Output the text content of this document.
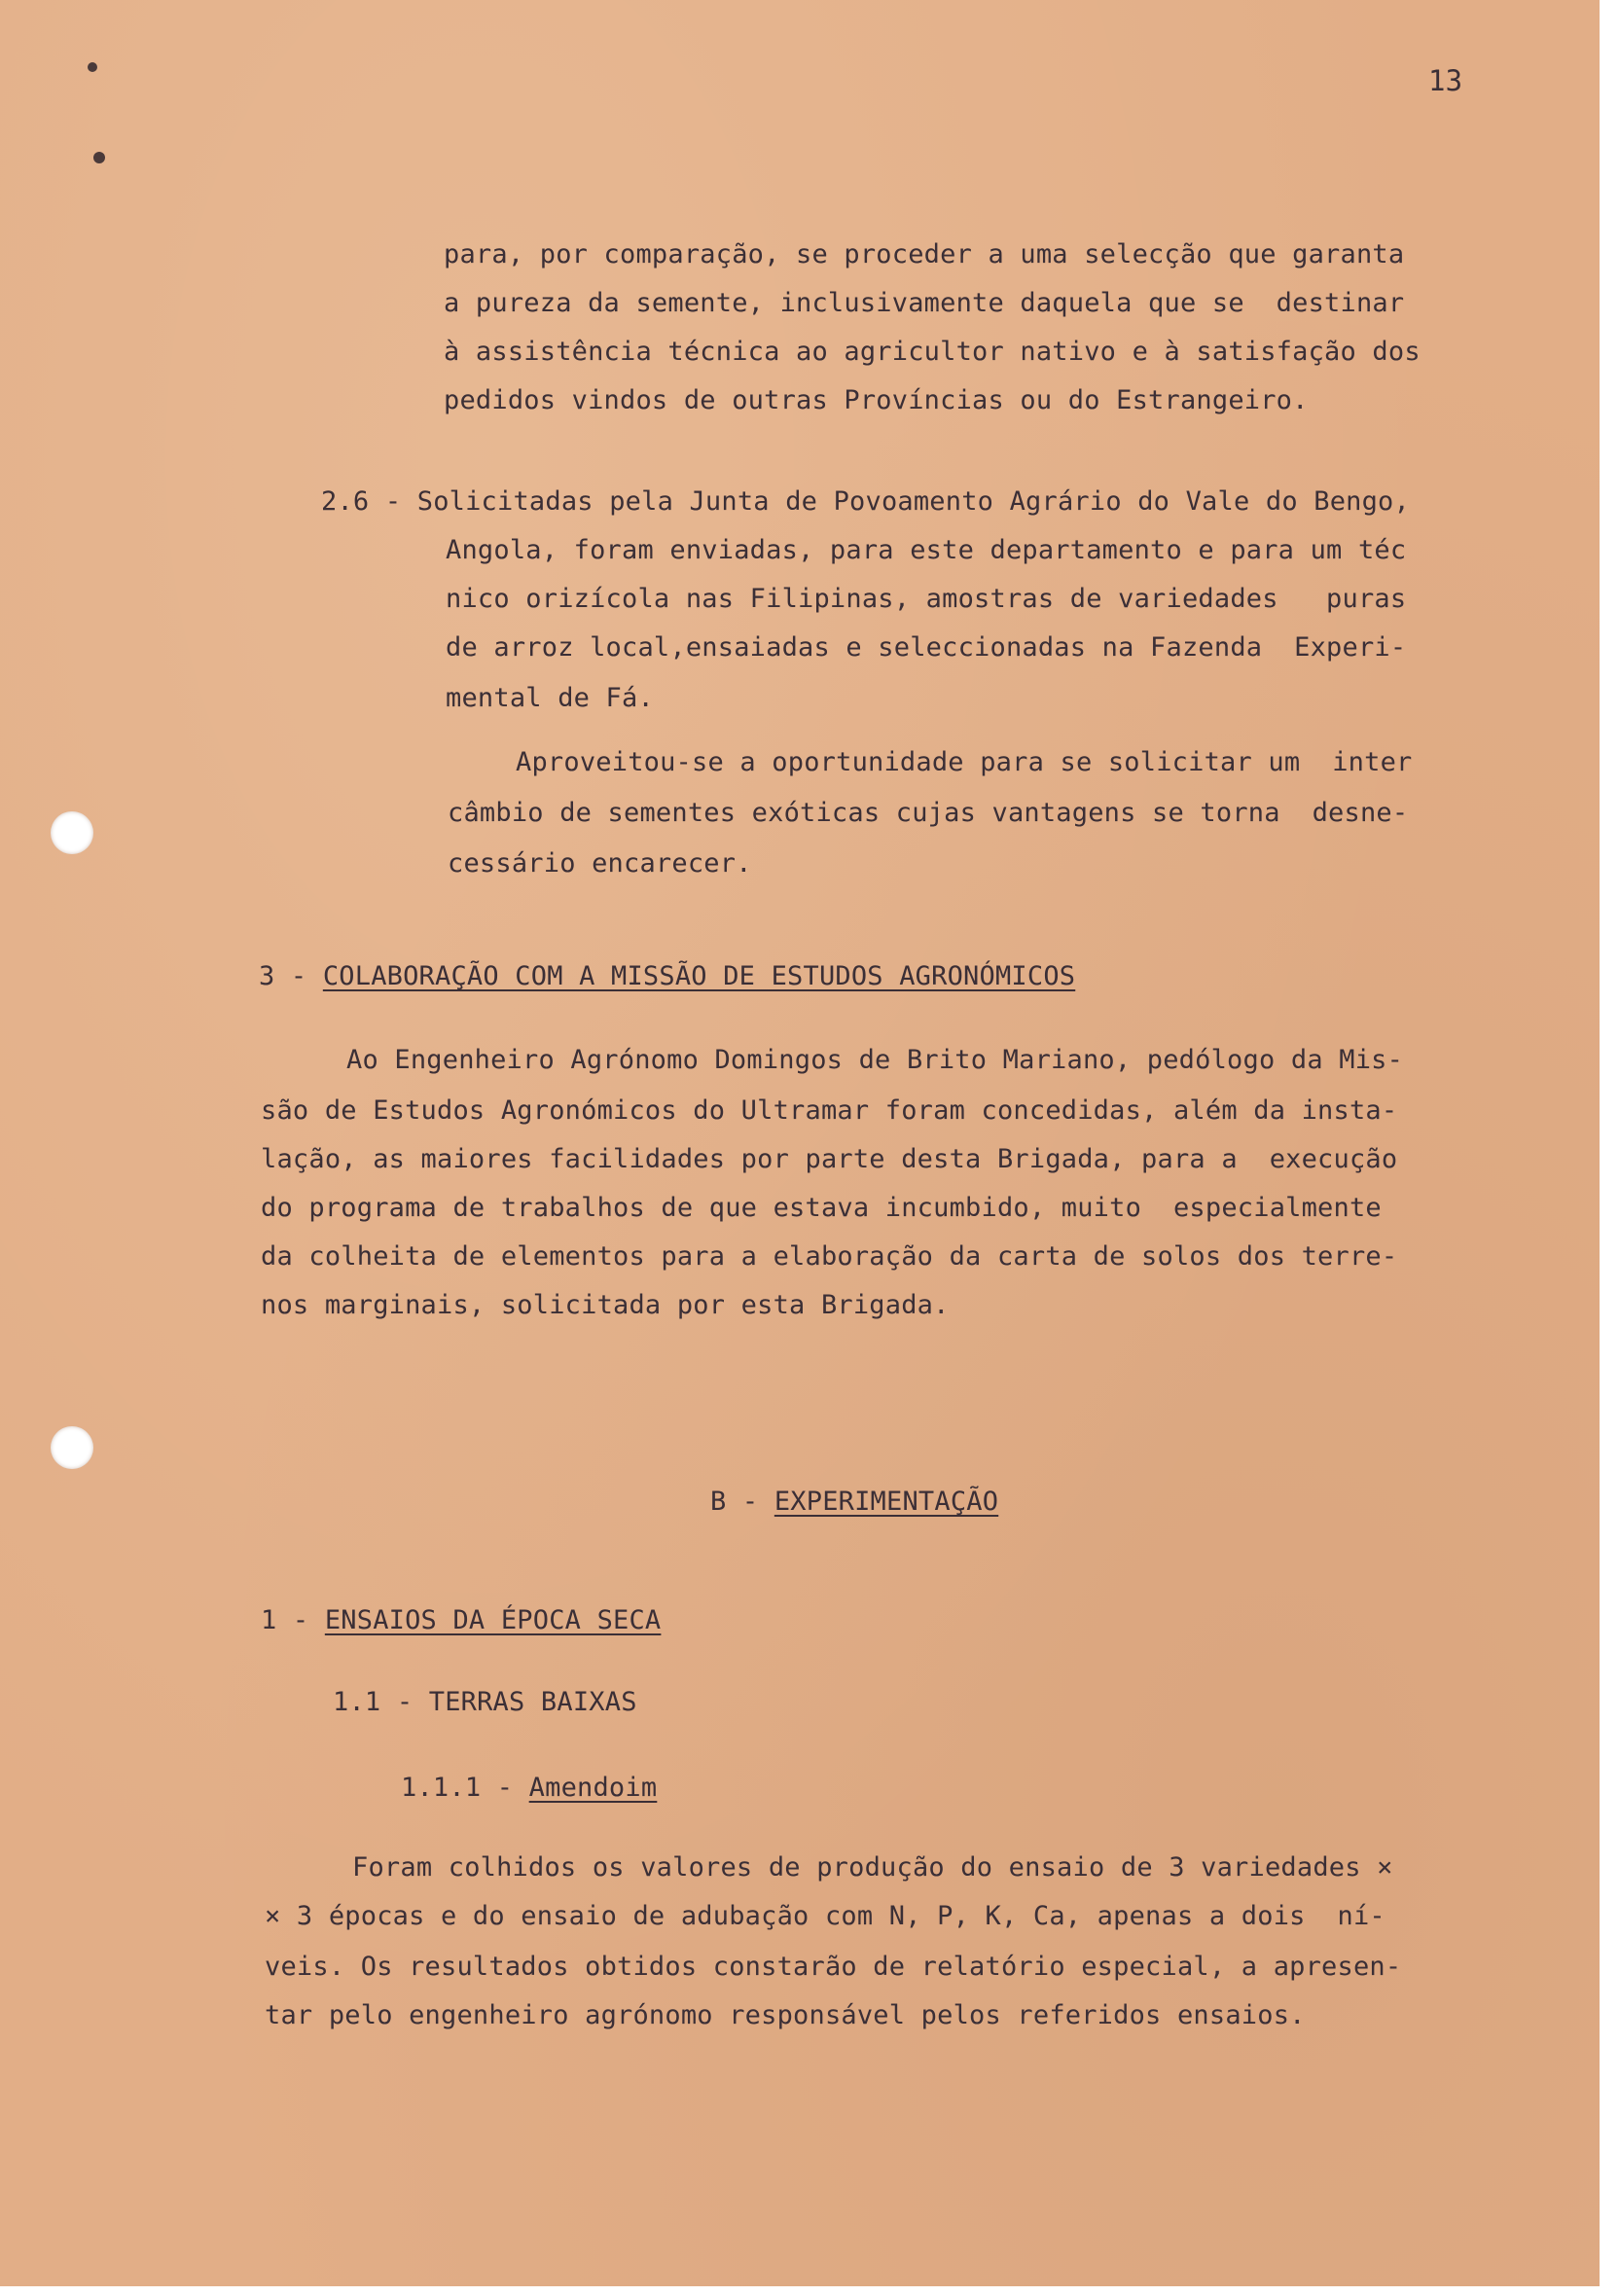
13
para, por comparação, se proceder a uma selecção que garanta
a pureza da semente, inclusivamente daquela que se  destinar
à assistência técnica ao agricultor nativo e à satisfação dos
pedidos vindos de outras Províncias ou do Estrangeiro.
2.6 - Solicitadas pela Junta de Povoamento Agrário do Vale do Bengo,
Angola, foram enviadas, para este departamento e para um téc
nico orizícola nas Filipinas, amostras de variedades   puras
de arroz local,ensaiadas e seleccionadas na Fazenda  Experi-
mental de Fá.
Aproveitou-se a oportunidade para se solicitar um  inter
câmbio de sementes exóticas cujas vantagens se torna  desne-
cessário encarecer.
3 - COLABORAÇÃO COM A MISSÃO DE ESTUDOS AGRONÓMICOS
Ao Engenheiro Agrónomo Domingos de Brito Mariano, pedólogo da Mis-
são de Estudos Agronómicos do Ultramar foram concedidas, além da insta-
lação, as maiores facilidades por parte desta Brigada, para a  execução
do programa de trabalhos de que estava incumbido, muito  especialmente
da colheita de elementos para a elaboração da carta de solos dos terre-
nos marginais, solicitada por esta Brigada.
B - EXPERIMENTAÇÃO
1 - ENSAIOS DA ÉPOCA SECA
1.1 - TERRAS BAIXAS
1.1.1 - Amendoim
Foram colhidos os valores de produção do ensaio de 3 variedades ×
× 3 épocas e do ensaio de adubação com N, P, K, Ca, apenas a dois  ní-
veis. Os resultados obtidos constarão de relatório especial, a apresen-
tar pelo engenheiro agrónomo responsável pelos referidos ensaios.
